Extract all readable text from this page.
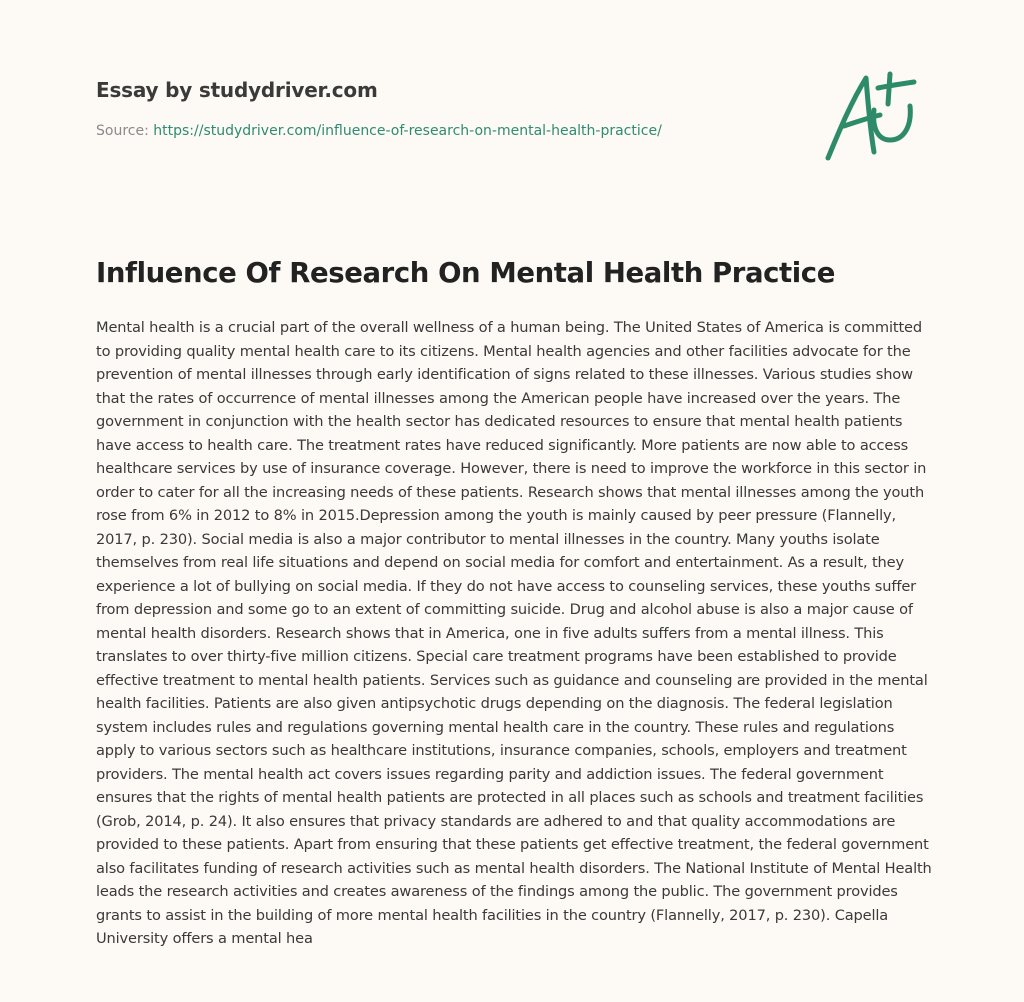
Essay by studydriver.com
Source: https://studydriver.com/influence-of-research-on-mental-health-practice/
Influence Of Research On Mental Health Practice

Mental health is a crucial part of the overall wellness of a human being. The United States of America is committed to providing quality mental health care to its citizens. Mental health agencies and other facilities advocate for the prevention of mental illnesses through early identification of signs related to these illnesses. Various studies show that the rates of occurrence of mental illnesses among the American people have increased over the years. The government in conjunction with the health sector has dedicated resources to ensure that mental health patients have access to health care. The treatment rates have reduced significantly. More patients are now able to access healthcare services by use of insurance coverage. However, there is need to improve the workforce in this sector in order to cater for all the increasing needs of these patients. Research shows that mental illnesses among the youth rose from 6% in 2012 to 8% in 2015.Depression among the youth is mainly caused by peer pressure (Flannelly, 2017, p. 230). Social media is also a major contributor to mental illnesses in the country. Many youths isolate themselves from real life situations and depend on social media for comfort and entertainment. As a result, they experience a lot of bullying on social media. If they do not have access to counseling services, these youths suffer from depression and some go to an extent of committing suicide. Drug and alcohol abuse is also a major cause of mental health disorders. Research shows that in America, one in five adults suffers from a mental illness. This translates to over thirty-five million citizens. Special care treatment programs have been established to provide effective treatment to mental health patients. Services such as guidance and counseling are provided in the mental health facilities. Patients are also given antipsychotic drugs depending on the diagnosis. The federal legislation system includes rules and regulations governing mental health care in the country. These rules and regulations apply to various sectors such as healthcare institutions, insurance companies, schools, employers and treatment providers. The mental health act covers issues regarding parity and addiction issues. The federal government ensures that the rights of mental health patients are protected in all places such as schools and treatment facilities (Grob, 2014, p. 24). It also ensures that privacy standards are adhered to and that quality accommodations are provided to these patients. Apart from ensuring that these patients get effective treatment, the federal government also facilitates funding of research activities such as mental health disorders. The National Institute of Mental Health leads the research activities and creates awareness of the findings among the public. The government provides grants to assist in the building of more mental health facilities in the country (Flannelly, 2017, p. 230). Capella University offers a mental hea
